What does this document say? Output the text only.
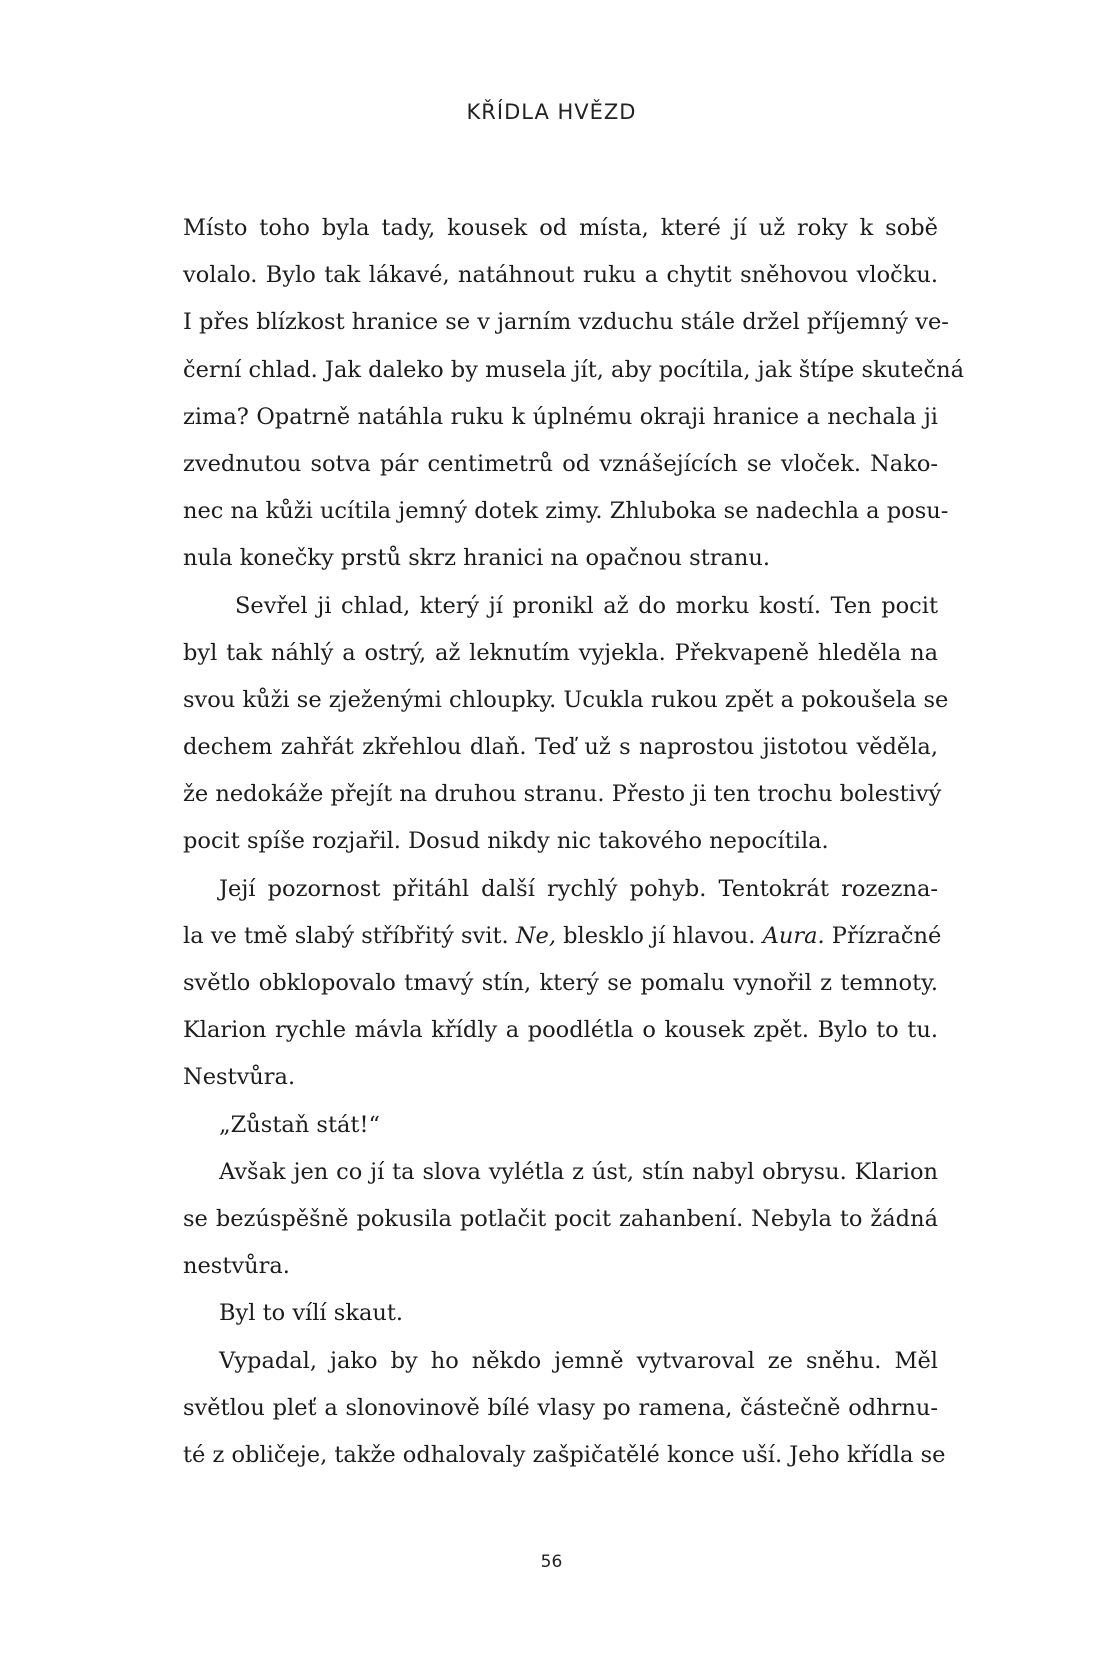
KŘÍDLA HVĚZD
Místo toho byla tady, kousek od místa, které jí už roky k sobě
volalo. Bylo tak lákavé, natáhnout ruku a chytit sněhovou vločku.
I přes blízkost hranice se v jarním vzduchu stále držel příjemný ve-
černí chlad. Jak daleko by musela jít, aby pocítila, jak štípe skutečná
zima? Opatrně natáhla ruku k úplnému okraji hranice a nechala ji
zvednutou sotva pár centimetrů od vznášejících se vloček. Nako-
nec na kůži ucítila jemný dotek zimy. Zhluboka se nadechla a posu-
nula konečky prstů skrz hranici na opačnou stranu.
Sevřel ji chlad, který jí pronikl až do morku kostí. Ten pocit
byl tak náhlý a ostrý, až leknutím vyjekla. Překvapeně hleděla na
svou kůži se zježenými chloupky. Ucukla rukou zpět a pokoušela se
dechem zahřát zkřehlou dlaň. Teď už s naprostou jistotou věděla,
že nedokáže přejít na druhou stranu. Přesto ji ten trochu bolestivý
pocit spíše rozjařil. Dosud nikdy nic takového nepocítila.
Její pozornost přitáhl další rychlý pohyb. Tentokrát rozezna-
la ve tmě slabý stříbřitý svit. Ne, blesklo jí hlavou. Aura. Přízračné
světlo obklopovalo tmavý stín, který se pomalu vynořil z temnoty.
Klarion rychle mávla křídly a poodlétla o kousek zpět. Bylo to tu.
Nestvůra.
„Zůstaň stát!“
Avšak jen co jí ta slova vylétla z úst, stín nabyl obrysu. Klarion
se bezúspěšně pokusila potlačit pocit zahanbení. Nebyla to žádná
nestvůra.
Byl to vílí skaut.
Vypadal, jako by ho někdo jemně vytvaroval ze sněhu. Měl
světlou pleť a slonovinově bílé vlasy po ramena, částečně odhrnu-
té z obličeje, takže odhalovaly zašpičatělé konce uší. Jeho křídla se
56
